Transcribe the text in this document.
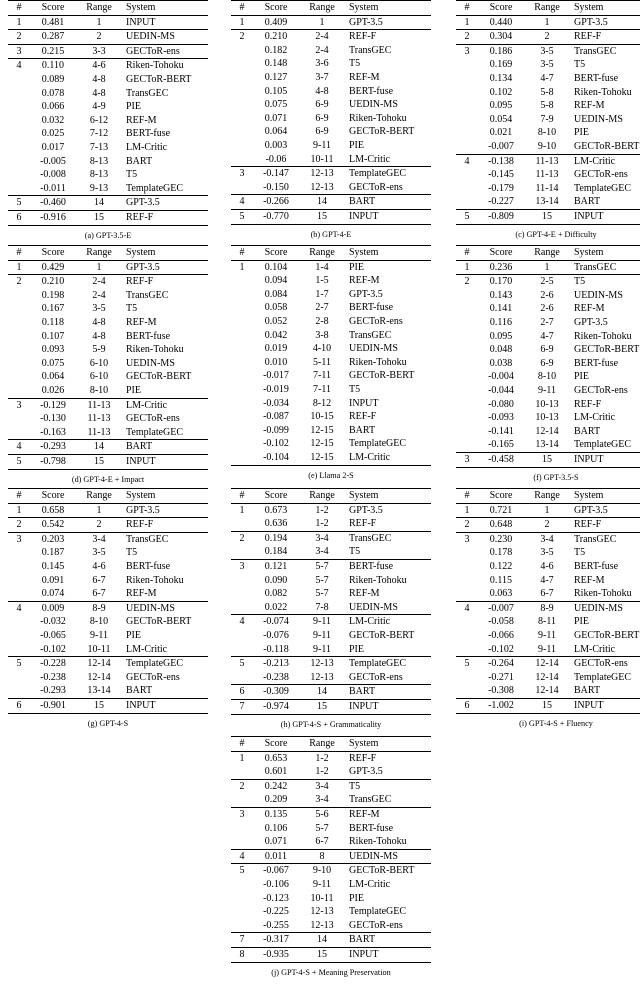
#	Score	Range	System
1	0.481	1	INPUT
2	0.287	2	UEDIN-MS
3	0.215	3-3	GECToR-ens
4	0.110	4-6	Riken-Tohoku
	0.089	4-8	GECToR-BERT
	0.078	4-8	TransGEC
	0.066	4-9	PIE
	0.032	6-12	REF-M
	0.025	7-12	BERT-fuse
	0.017	7-13	LM-Critic
	-0.005	8-13	BART
	-0.008	8-13	T5
	-0.011	9-13	TemplateGEC
5	-0.460	14	GPT-3.5
6	-0.916	15	REF-F
(a) GPT-3.5-E
#	Score	Range	System
1	0.409	1	GPT-3.5
2	0.210	2-4	REF-F
	0.182	2-4	TransGEC
	0.148	3-6	T5
	0.127	3-7	REF-M
	0.105	4-8	BERT-fuse
	0.075	6-9	UEDIN-MS
	0.071	6-9	Riken-Tohoku
	0.064	6-9	GECToR-BERT
	0.003	9-11	PIE
	-0.06	10-11	LM-Critic
3	-0.147	12-13	TemplateGEC
	-0.150	12-13	GECToR-ens
4	-0.266	14	BART
5	-0.770	15	INPUT
(b) GPT-4-E
#	Score	Range	System
1	0.440	1	GPT-3.5
2	0.304	2	REF-F
3	0.186	3-5	TransGEC
	0.169	3-5	T5
	0.134	4-7	BERT-fuse
	0.102	5-8	Riken-Tohoku
	0.095	5-8	REF-M
	0.054	7-9	UEDIN-MS
	0.021	8-10	PIE
	-0.007	9-10	GECToR-BERT
4	-0.138	11-13	LM-Critic
	-0.145	11-13	GECToR-ens
	-0.179	11-14	TemplateGEC
	-0.227	13-14	BART
5	-0.809	15	INPUT
(c) GPT-4-E + Difficulty
#	Score	Range	System
1	0.429	1	GPT-3.5
2	0.210	2-4	REF-F
	0.198	2-4	TransGEC
	0.167	3-5	T5
	0.118	4-8	REF-M
	0.107	4-8	BERT-fuse
	0.093	5-9	Riken-Tohoku
	0.075	6-10	UEDIN-MS
	0.064	6-10	GECToR-BERT
	0.026	8-10	PIE
3	-0.129	11-13	LM-Critic
	-0.130	11-13	GECToR-ens
	-0.163	11-13	TemplateGEC
4	-0.293	14	BART
5	-0.798	15	INPUT
(d) GPT-4-E + Impact
#	Score	Range	System
1	0.104	1-4	PIE
	0.094	1-5	REF-M
	0.084	1-7	GPT-3.5
	0.058	2-7	BERT-fuse
	0.052	2-8	GECToR-ens
	0.042	3-8	TransGEC
	0.019	4-10	UEDIN-MS
	0.010	5-11	Riken-Tohoku
	-0.017	7-11	GECToR-BERT
	-0.019	7-11	T5
	-0.034	8-12	INPUT
	-0.087	10-15	REF-F
	-0.099	12-15	BART
	-0.102	12-15	TemplateGEC
	-0.104	12-15	LM-Critic
(e) Llama 2-S
#	Score	Range	System
1	0.236	1	TransGEC
2	0.170	2-5	T5
	0.143	2-6	UEDIN-MS
	0.141	2-6	REF-M
	0.116	2-7	GPT-3.5
	0.095	4-7	Riken-Tohoku
	0.048	6-9	GECToR-BERT
	0.038	6-9	BERT-fuse
	-0.004	8-10	PIE
	-0.044	9-11	GECToR-ens
	-0.080	10-13	REF-F
	-0.093	10-13	LM-Critic
	-0.141	12-14	BART
	-0.165	13-14	TemplateGEC
3	-0.458	15	INPUT
(f) GPT-3.5-S
#	Score	Range	System
1	0.658	1	GPT-3.5
2	0.542	2	REF-F
3	0.203	3-4	TransGEC
	0.187	3-5	T5
	0.145	4-6	BERT-fuse
	0.091	6-7	Riken-Tohoku
	0.074	6-7	REF-M
4	0.009	8-9	UEDIN-MS
	-0.032	8-10	GECToR-BERT
	-0.065	9-11	PIE
	-0.102	10-11	LM-Critic
5	-0.228	12-14	TemplateGEC
	-0.238	12-14	GECToR-ens
	-0.293	13-14	BART
6	-0.901	15	INPUT
(g) GPT-4-S
#	Score	Range	System
1	0.673	1-2	GPT-3.5
	0.636	1-2	REF-F
2	0.194	3-4	TransGEC
	0.184	3-4	T5
3	0.121	5-7	BERT-fuse
	0.090	5-7	Riken-Tohoku
	0.082	5-7	REF-M
	0.022	7-8	UEDIN-MS
4	-0.074	9-11	LM-Critic
	-0.076	9-11	GECToR-BERT
	-0.118	9-11	PIE
5	-0.213	12-13	TemplateGEC
	-0.238	12-13	GECToR-ens
6	-0.309	14	BART
7	-0.974	15	INPUT
(h) GPT-4-S + Grammaticality
#	Score	Range	System
1	0.721	1	GPT-3.5
2	0.648	2	REF-F
3	0.230	3-4	TransGEC
	0.178	3-5	T5
	0.122	4-6	BERT-fuse
	0.115	4-7	REF-M
	0.063	6-7	Riken-Tohoku
4	-0.007	8-9	UEDIN-MS
	-0.058	8-11	PIE
	-0.066	9-11	GECToR-BERT
	-0.102	9-11	LM-Critic
5	-0.264	12-14	GECToR-ens
	-0.271	12-14	TemplateGEC
	-0.308	12-14	BART
6	-1.002	15	INPUT
(i) GPT-4-S + Fluency
#	Score	Range	System
1	0.653	1-2	REF-F
	0.601	1-2	GPT-3.5
2	0.242	3-4	T5
	0.209	3-4	TransGEC
3	0.135	5-6	REF-M
	0.106	5-7	BERT-fuse
	0.071	6-7	Riken-Tohoku
4	0.011	8	UEDIN-MS
5	-0.067	9-10	GECToR-BERT
	-0.106	9-11	LM-Critic
	-0.123	10-11	PIE
	-0.225	12-13	TemplateGEC
	-0.255	12-13	GECToR-ens
7	-0.317	14	BART
8	-0.935	15	INPUT
(j) GPT-4-S + Meaning Preservation
